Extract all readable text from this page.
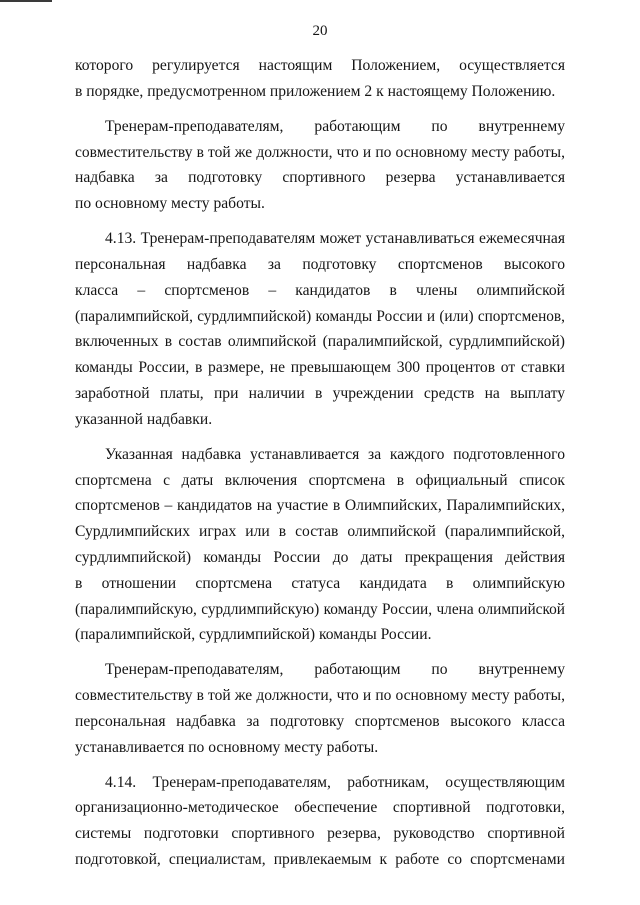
20
которого регулируется настоящим Положением, осуществляется
в порядке, предусмотренном приложением 2 к настоящему Положению.
Тренерам-преподавателям, работающим по внутреннему
совместительству в той же должности, что и по основному месту работы,
надбавка за подготовку спортивного резерва устанавливается
по основному месту работы.
4.13. Тренерам-преподавателям может устанавливаться ежемесячная
персональная надбавка за подготовку спортсменов высокого
класса – спортсменов – кандидатов в члены олимпийской
(паралимпийской, сурдлимпийской) команды России и (или) спортсменов,
включенных в состав олимпийской (паралимпийской, сурдлимпийской)
команды России, в размере, не превышающем 300 процентов от ставки
заработной платы, при наличии в учреждении средств на выплату
указанной надбавки.
Указанная надбавка устанавливается за каждого подготовленного
спортсмена с даты включения спортсмена в официальный список
спортсменов – кандидатов на участие в Олимпийских, Паралимпийских,
Сурдлимпийских играх или в состав олимпийской (паралимпийской,
сурдлимпийской) команды России до даты прекращения действия
в отношении спортсмена статуса кандидата в олимпийскую
(паралимпийскую, сурдлимпийскую) команду России, члена олимпийской
(паралимпийской, сурдлимпийской) команды России.
Тренерам-преподавателям, работающим по внутреннему
совместительству в той же должности, что и по основному месту работы,
персональная надбавка за подготовку спортсменов высокого класса
устанавливается по основному месту работы.
4.14. Тренерам-преподавателям, работникам, осуществляющим
организационно-методическое обеспечение спортивной подготовки,
системы подготовки спортивного резерва, руководство спортивной
подготовкой, специалистам, привлекаемым к работе со спортсменами
